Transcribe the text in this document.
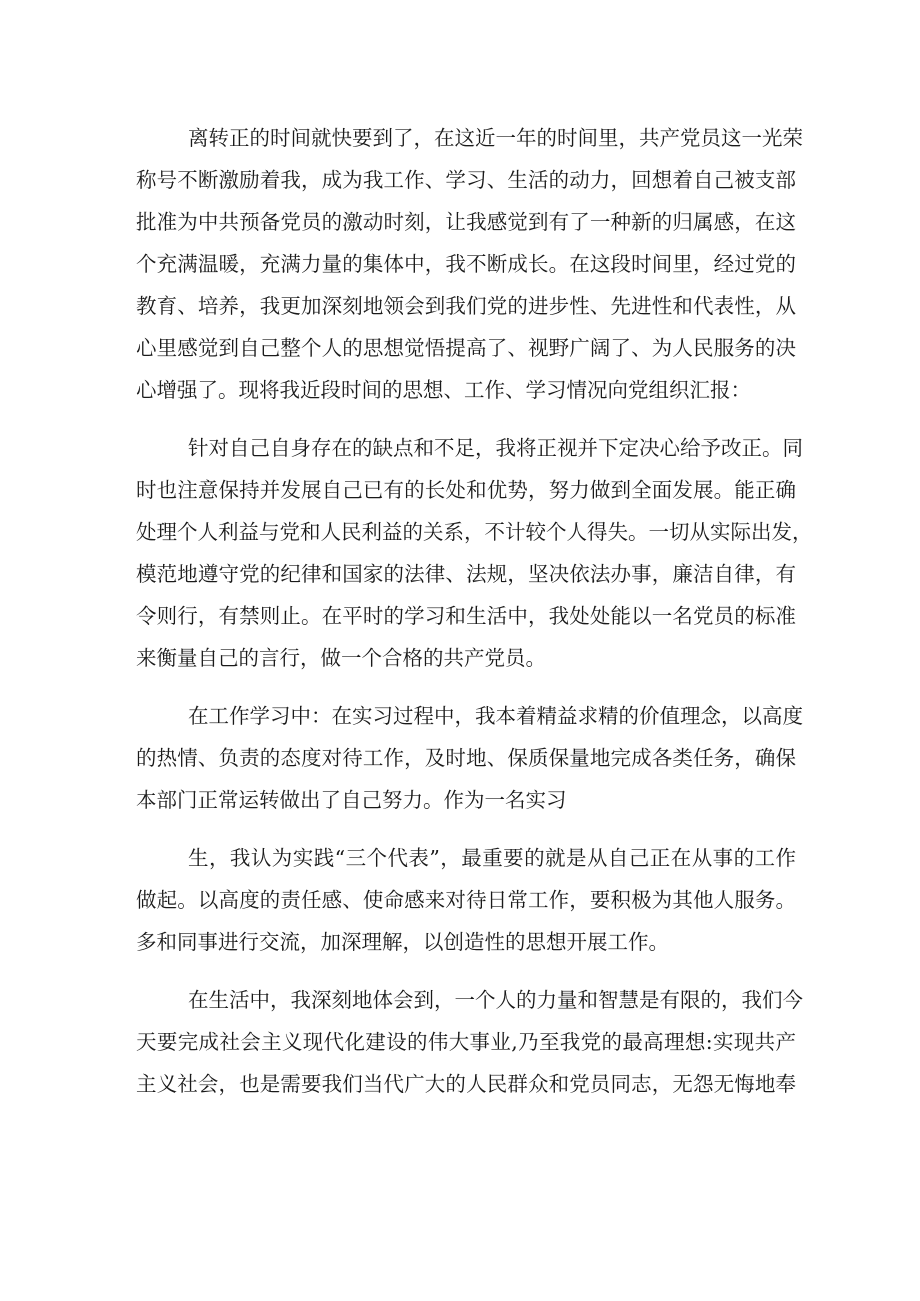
离转正的时间就快要到了，在这近一年的时间里，共产党员这一光荣
称号不断激励着我，成为我工作、学习、生活的动力，回想着自己被支部
批准为中共预备党员的激动时刻，让我感觉到有了一种新的归属感，在这
个充满温暖，充满力量的集体中，我不断成长。在这段时间里，经过党的
教育、培养，我更加深刻地领会到我们党的进步性、先进性和代表性，从
心里感觉到自己整个人的思想觉悟提高了、视野广阔了、为人民服务的决
心增强了。现将我近段时间的思想、工作、学习情况向党组织汇报：

针对自己自身存在的缺点和不足，我将正视并下定决心给予改正。同
时也注意保持并发展自己已有的长处和优势，努力做到全面发展。能正确
处理个人利益与党和人民利益的关系，不计较个人得失。一切从实际出发，
模范地遵守党的纪律和国家的法律、法规，坚决依法办事，廉洁自律，有
令则行，有禁则止。在平时的学习和生活中，我处处能以一名党员的标准
来衡量自己的言行，做一个合格的共产党员。

在工作学习中：在实习过程中，我本着精益求精的价值理念，以高度
的热情、负责的态度对待工作，及时地、保质保量地完成各类任务，确保
本部门正常运转做出了自己努力。作为一名实习

生，我认为实践“三个代表”，最重要的就是从自己正在从事的工作
做起。以高度的责任感、使命感来对待日常工作，要积极为其他人服务。
多和同事进行交流，加深理解，以创造性的思想开展工作。

在生活中，我深刻地体会到，一个人的力量和智慧是有限的，我们今
天要完成社会主义现代化建设的伟大事业,乃至我党的最高理想:实现共产
主义社会，也是需要我们当代广大的人民群众和党员同志，无怨无悔地奉
